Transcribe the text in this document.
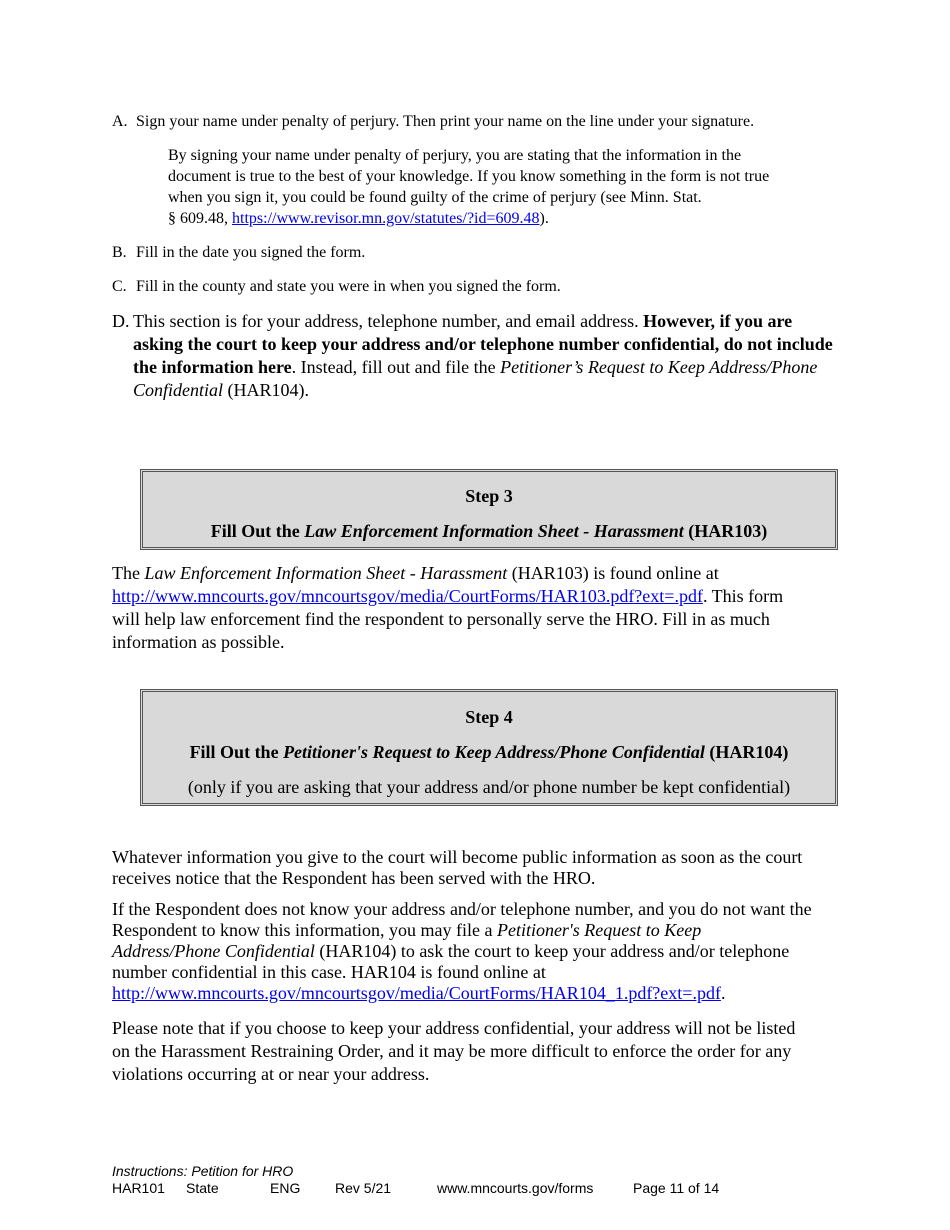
A. Sign your name under penalty of perjury. Then print your name on the line under your signature.
By signing your name under penalty of perjury, you are stating that the information in the
document is true to the best of your knowledge. If you know something in the form is not true
when you sign it, you could be found guilty of the crime of perjury (see Minn. Stat.
§ 609.48, https://www.revisor.mn.gov/statutes/?id=609.48).
B. Fill in the date you signed the form.
C. Fill in the county and state you were in when you signed the form.
D. This section is for your address, telephone number, and email address. However, if you are asking the court to keep your address and/or telephone number confidential, do not include the information here. Instead, fill out and file the Petitioner’s Request to Keep Address/Phone Confidential (HAR104).
Step 3
Fill Out the Law Enforcement Information Sheet - Harassment (HAR103)
The Law Enforcement Information Sheet - Harassment (HAR103) is found online at
http://www.mncourts.gov/mncourtsgov/media/CourtForms/HAR103.pdf?ext=.pdf. This form
will help law enforcement find the respondent to personally serve the HRO. Fill in as much
information as possible.
Step 4
Fill Out the Petitioner's Request to Keep Address/Phone Confidential (HAR104)
(only if you are asking that your address and/or phone number be kept confidential)
Whatever information you give to the court will become public information as soon as the court
receives notice that the Respondent has been served with the HRO.
If the Respondent does not know your address and/or telephone number, and you do not want the
Respondent to know this information, you may file a Petitioner's Request to Keep
Address/Phone Confidential (HAR104) to ask the court to keep your address and/or telephone
number confidential in this case. HAR104 is found online at
http://www.mncourts.gov/mncourtsgov/media/CourtForms/HAR104_1.pdf?ext=.pdf.
Please note that if you choose to keep your address confidential, your address will not be listed
on the Harassment Restraining Order, and it may be more difficult to enforce the order for any
violations occurring at or near your address.
Instructions: Petition for HRO
HAR101 State	ENG Rev 5/21	www.mncourts.gov/forms	Page 11 of 14
